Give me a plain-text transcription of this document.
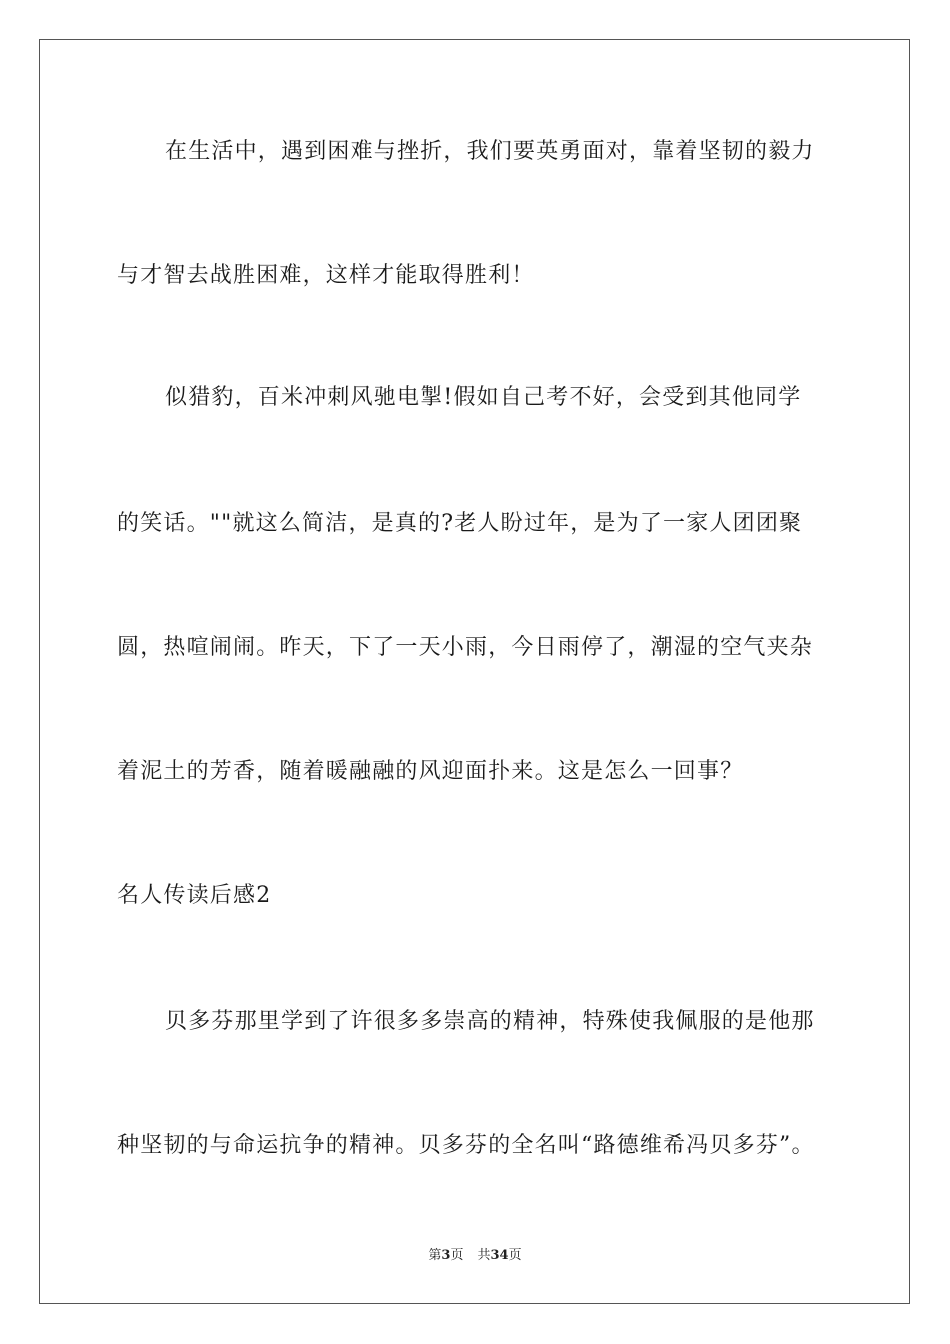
在生活中，遇到困难与挫折，我们要英勇面对，靠着坚韧的毅力
与才智去战胜困难，这样才能取得胜利！
似猎豹，百米冲刺风驰电掣!假如自己考不好，会受到其他同学
的笑话。""就这么简洁，是真的?老人盼过年，是为了一家人团团聚
圆，热喧闹闹。昨天，下了一天小雨，今日雨停了，潮湿的空气夹杂
着泥土的芳香，随着暖融融的风迎面扑来。这是怎么一回事？
名人传读后感2
贝多芬那里学到了许很多多崇高的精神，特殊使我佩服的是他那
种坚韧的与命运抗争的精神。贝多芬的全名叫“路德维希冯贝多芬”。
第3页 共34页
